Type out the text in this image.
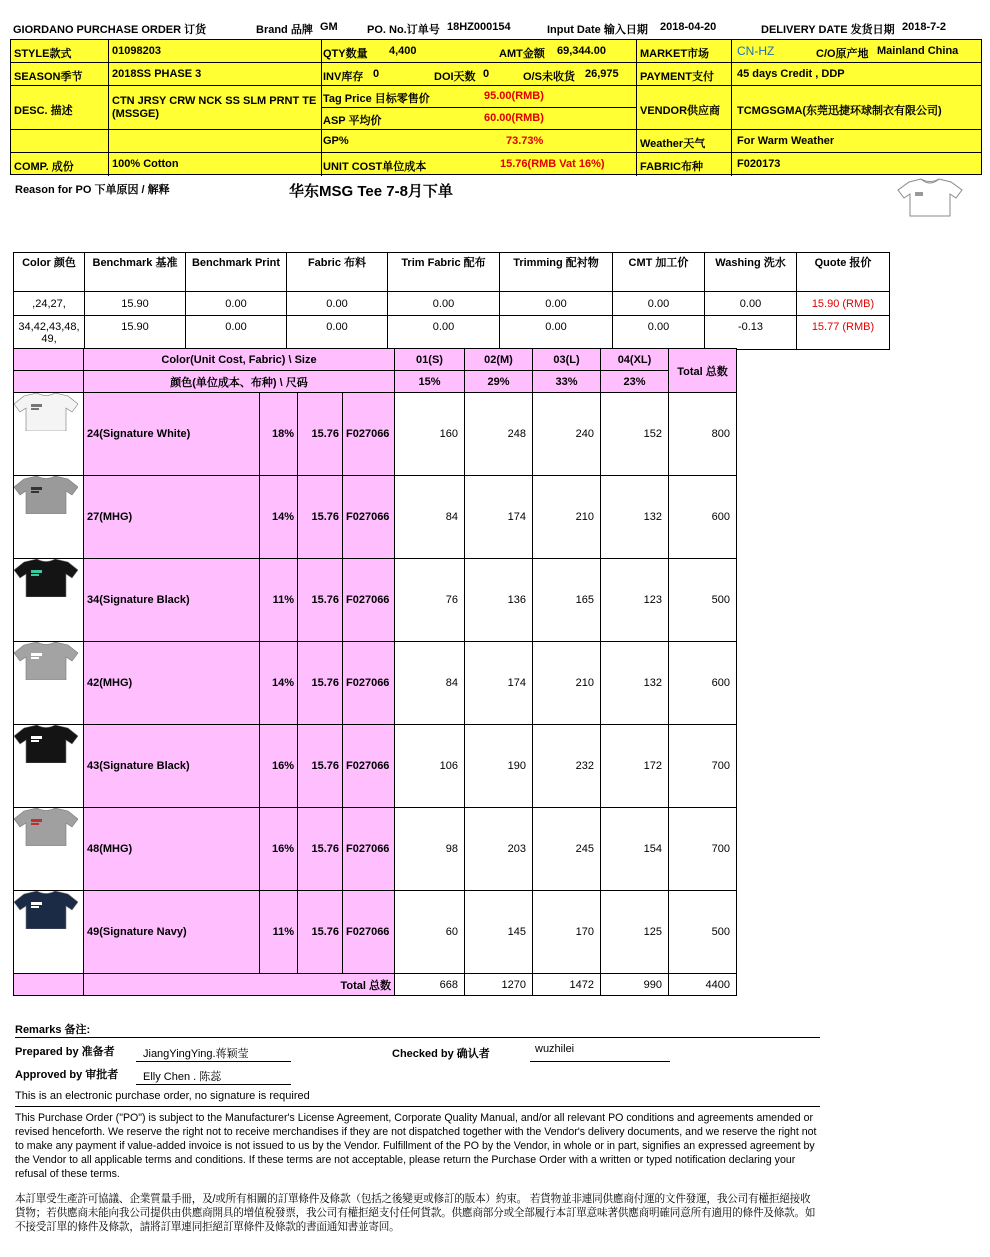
GIORDANO PURCHASE ORDER 订货	Brand 品牌 GM	PO. No.订单号 18HZ000154	Input Date 输入日期 2018-04-20	DELIVERY DATE 发货日期 2018-7-2
STYLE款式	01098203
SEASON季节	2018SS PHASE 3
DESC. 描述
CTN JRSY CRW NCK SS SLM PRNT TE (MSSGE)
COMP. 成份	100% Cotton
QTY数量 4,400	AMT金额 69,344.00
INV库存 0	DOI天数 0	O/S未收货 26,975
Tag Price 目标零售价	95.00(RMB)
ASP 平均价	60.00(RMB)
GP%	73.73%
UNIT COST单位成本	15.76(RMB Vat 16%)
MARKET市场 CN-HZ	C/O原产地 Mainland China
PAYMENT支付 45 days Credit , DDP
VENDOR供应商 TCMGSGMA(东莞迅捷环球制衣有限公司)
Weather天气	For Warm Weather
FABRIC布种	F020173
Reason for PO 下单原因 / 解释	华东MSG Tee 7-8月下单
Color 颜色	Benchmark 基准	Benchmark Print	Fabric 布料	Trim Fabric 配布	Trimming 配衬物	CMT 加工价	Washing 洗水	Quote 报价
,24,27,	15.90	0.00	0.00	0.00	0.00	0.00	0.00	15.90 (RMB)
34,42,43,48,49,	15.90	0.00	0.00	0.00	0.00	0.00	-0.13	15.77 (RMB)
	Color(Unit Cost, Fabric) \ Size				01(S)	02(M)	03(L)	04(XL)	Total 总数
	颜色(单位成本、布种) \ 尺码				15%	29%	33%	23%	

	24(Signature White)	18%	15.76	F027066	160	248	240	152	800

	27(MHG)	14%	15.76	F027066	84	174	210	132	600

	34(Signature Black)	11%	15.76	F027066	76	136	165	123	500

	42(MHG)	14%	15.76	F027066	84	174	210	132	600

	43(Signature Black)	16%	15.76	F027066	106	190	232	172	700

	48(MHG)	16%	15.76	F027066	98	203	245	154	700

	49(Signature Navy)	11%	15.76	F027066	60	145	170	125	500
	Total 总数				668	1270	1472	990	4400
Remarks 备注:
Prepared by 准备者	JiangYingYing.蒋颖莹	Checked by 确认者	wuzhilei
Approved by 审批者 Elly Chen . 陈蕊
This is an electronic purchase order, no signature is required
This Purchase Order ("PO") is subject to the Manufacturer's License Agreement, Corporate Quality Manual, and/or all relevant PO conditions and agreements amended or revised henceforth. We reserve the right not to receive merchandises if they are not dispatched together with the Vendor's delivery documents, and we reserve the right not to make any payment if value-added invoice is not issued to us by the Vendor. Fulfillment of the PO by the Vendor, in whole or in part, signifies an expressed agreement by the Vendor to all applicable terms and conditions. If these terms are not acceptable, please return the Purchase Order with a written or typed notification declaring your refusal of these terms.
本訂單受生產許可協議、企業質量手冊，及/或所有相關的訂單條件及條款（包括之後變更或修訂的版本）約束。 若貨物並非連同供應商付運的文件發運，我公司有權拒絕接收貨物；若供應商未能向我公司提供由供應商開具的增值稅發票，我公司有權拒絕支付任何貨款。供應商部分或全部履行本訂單意味著供應商明確同意所有適用的條件及條款。如不接受訂單的條件及條款，請將訂單連同拒絕訂單條件及條款的書面通知書並寄回。
